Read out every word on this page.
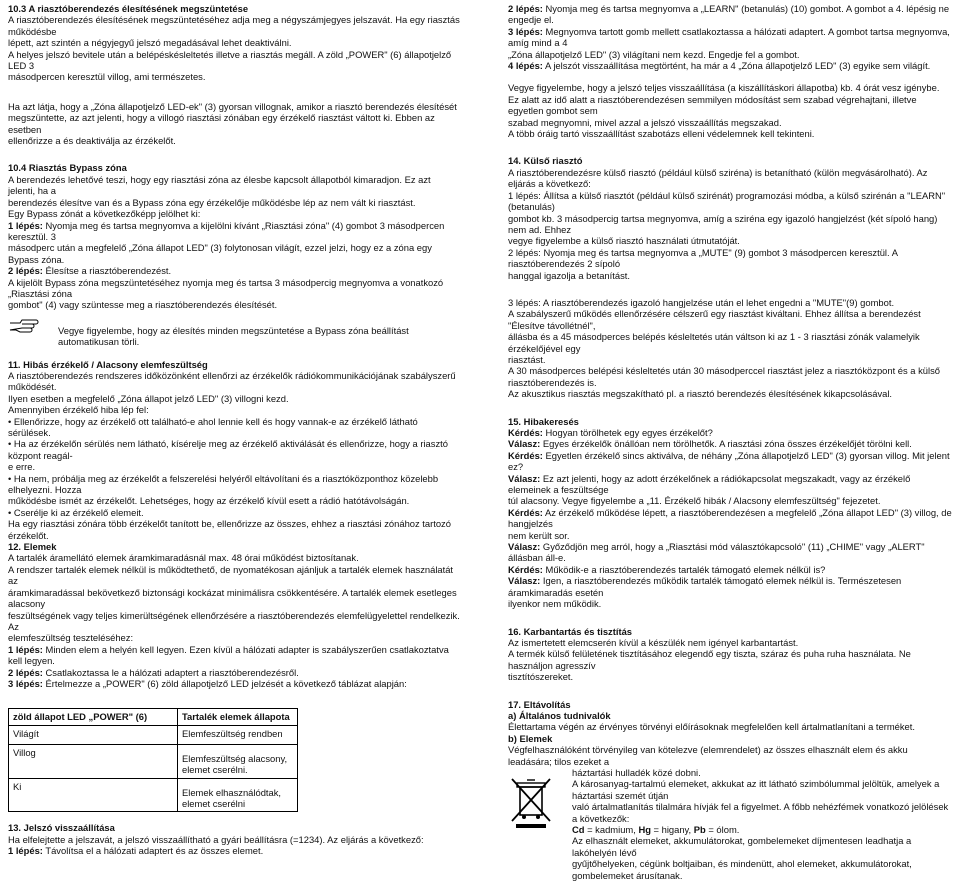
10.3 A riasztóberendezés élesítésének megszüntetése

A riasztóberendezés élesítésének megszüntetéséhez adja meg a négyszámjegyes jelszavát. Ha egy riasztás működésbe

lépett, azt szintén a négyjegyű jelszó megadásával lehet deaktiválni.

A helyes jelszó bevitele után a belépéskésleltetés illetve a riasztás megáll. A zöld „POWER" (6) állapotjelző LED 3

másodpercen keresztül villog, ami természetes.

Ha azt látja, hogy a „Zóna állapotjelző LED-ek" (3) gyorsan villognak, amikor a riasztó berendezés élesítését

megszüntette, az azt jelenti, hogy a villogó riasztási zónában egy érzékelő riasztást váltott ki. Ebben az esetben

ellenőrizze a és deaktiválja az érzékelőt.

10.4 Riasztás Bypass zóna

A berendezés lehetővé teszi, hogy egy riasztási zóna az élesbe kapcsolt állapotból kimaradjon. Ez azt jelenti, ha a

berendezés élesítve van és a Bypass zóna egy érzékelője működésbe lép az nem vált ki riasztást.

Egy Bypass zónát a következőképp jelölhet ki:

1 lépés: Nyomja meg és tartsa megnyomva a kijelölni kívánt „Riasztási zóna" (4) gombot 3 másodpercen keresztül. 3

másodperc után a megfelelő „Zóna állapot LED" (3) folytonosan világít, ezzel jelzi, hogy ez a zóna egy Bypass zóna.

2 lépés: Élesítse a riasztóberendezést.

A kijelölt Bypass zóna megszüntetéséhez nyomja meg és tartsa 3 másodpercig megnyomva a vonatkozó „Riasztási zóna

gombot" (4) vagy szüntesse meg a riasztóberendezés élesítését.

Vegye figyelembe, hogy az élesítés minden megszüntetése a Bypass zóna beállítást automatikusan törli.

11. Hibás érzékelő / Alacsony elemfeszültség

A riasztóberendezés rendszeres időközönként ellenőrzi az érzékelők rádiókommunikációjának szabályszerű működését.

Ilyen esetben a megfelelő „Zóna állapot jelző LED" (3) villogni kezd.

Amennyiben érzékelő hiba lép fel:

• Ellenőrizze, hogy az érzékelő ott található-e ahol lennie kell és hogy vannak-e az érzékelő látható sérülések.

• Ha az érzékelőn sérülés nem látható, kísérelje meg az érzékelő aktiválását és ellenőrizze, hogy a riasztó központ reagál-

e erre.

• Ha nem, próbálja meg az érzékelőt a felszerelési helyéről eltávolítani és a riasztóközponthoz közelebb elhelyezni. Hozza

működésbe ismét az érzékelőt. Lehetséges, hogy az érzékelő kívül esett a rádió hatótávolságán.

• Cserélje ki az érzékelő elemeit.

Ha egy riasztási zónára több érzékelőt tanított be, ellenőrizze az összes, ehhez a riasztási zónához tartozó érzékelőt.

12. Elemek

A tartalék áramellátó elemek áramkimaradásnál max. 48 órai működést biztosítanak.

A rendszer tartalék elemek nélkül is működtethető, de nyomatékosan ajánljuk a tartalék elemek használatát az

áramkimaradással bekövetkező biztonsági kockázat minimálisra csökkentésére. A tartalék elemek esetleges alacsony

feszültségének vagy teljes kimerültségének ellenőrzésére a riasztóberendezés elemfelügyelettel rendelkezik. Az

elemfeszültség teszteléséhez:

1 lépés: Minden elem a helyén kell legyen. Ezen kívül a hálózati adapter is szabályszerűen csatlakoztatva kell legyen.

2 lépés: Csatlakoztassa le a hálózati adaptert a riasztóberendezésről.

3 lépés: Értelmezze a „POWER" (6) zöld állapotjelző LED jelzését a következő táblázat alapján:

zöld állapot LED „POWER" (6)	Tartalék elemek állapota
Világít	Elemfeszültség rendben
Villog	Elemfeszültség alacsony, elemet cserélni.
Ki	Elemek elhasználódtak, elemet cserélni

13. Jelszó visszaállítása

Ha elfelejtette a jelszavát, a jelszó visszaállítható a gyári beállításra (=1234). Az eljárás a következő:

1 lépés: Távolítsa el a hálózati adaptert és az összes elemet.

2 lépés: Nyomja meg és tartsa megnyomva a „LEARN" (betanulás) (10) gombot. A gombot a 4. lépésig ne engedje el.

3 lépés: Megnyomva tartott gomb mellett csatlakoztassa a hálózati adaptert. A gombot tartsa megnyomva, amíg mind a 4

„Zóna állapotjelző LED" (3) világítani nem kezd. Engedje fel a gombot.

4 lépés: A jelszót visszaállítása megtörtént, ha már a 4 „Zóna állapotjelző LED" (3) egyike sem világít.

Vegye figyelembe, hogy a jelszó teljes visszaállítása (a kiszállításkori állapotba) kb. 4 órát vesz igénybe.

Ez alatt az idő alatt a riasztóberendezésen semmilyen módosítást sem szabad végrehajtani, illetve egyetlen gombot sem

szabad megnyomni, mivel azzal a jelszó visszaállítás megszakad.

A több óráig tartó visszaállítást szabotázs elleni védelemnek kell tekinteni.

14. Külső riasztó

A riasztóberendezésre külső riasztó (például külső sziréna) is betanítható (külön megvásárolható). Az eljárás a következő:

1 lépés: Állítsa a külső riasztót (például külső szirénát) programozási módba, a külső szirénán a "LEARN" (betanulás)

gombot kb. 3 másodpercig tartsa megnyomva, amíg a sziréna egy igazoló hangjelzést (két sípoló hang) nem ad. Ehhez

vegye figyelembe a külső riasztó használati útmutatóját.

2 lépés: Nyomja meg és tartsa megnyomva a „MUTE" (9) gombot 3 másodpercen keresztül. A riasztóberendezés 2 sípoló

hanggal igazolja a betanítást.

3 lépés: A riasztóberendezés igazoló hangjelzése után el lehet engedni a "MUTE"(9) gombot.

A szabályszerű működés ellenőrzésére célszerű egy riasztást kiváltani. Ehhez állítsa a berendezést "Élesítve távollétnél",

állásba és a 45 másodperces belépés késleltetés után váltson ki az 1 - 3 riasztási zónák valamelyik érzékelőjével egy

riasztást.

A 30 másodperces belépési késleltetés után 30 másodperccel riasztást jelez a riasztóközpont és a külső riasztóberendezés is.

Az akusztikus riasztás megszakítható pl. a riasztó berendezés élesítésének kikapcsolásával.

15. Hibakeresés

Kérdés: Hogyan törölhetek egy egyes érzékelőt?

Válasz: Egyes érzékelők önállóan nem törölhetők. A riasztási zóna összes érzékelőjét törölni kell.

Kérdés: Egyetlen érzékelő sincs aktiválva, de néhány „Zóna állapotjelző LED" (3) gyorsan villog. Mit jelent ez?

Válasz: Ez azt jelenti, hogy az adott érzékelőnek a rádiókapcsolat megszakadt, vagy az érzékelő elemeinek a feszültsége

túl alacsony. Vegye figyelembe a „11. Érzékelő hibák / Alacsony elemfeszültség" fejezetet.

Kérdés: Az érzékelő működése lépett, a riasztóberendezésen a megfelelő „Zóna állapot LED" (3) villog, de hangjelzés

nem került sor.

Válasz: Győződjön meg arról, hogy a „Riasztási mód választókapcsoló" (11) „CHIME" vagy „ALERT" állásban áll-e.

Kérdés: Működik-e a riasztóberendezés tartalék támogató elemek nélkül is?

Válasz: Igen, a riasztóberendezés működik tartalék támogató elemek nélkül is. Természetesen áramkimaradás esetén

ilyenkor nem működik.

16. Karbantartás és tisztítás

Az ismertetett elemcserén kívül a készülék nem igényel karbantartást.

A termék külső felületének tisztításához elegendő egy tiszta, száraz és puha ruha használata. Ne használjon agresszív

tisztítószereket.

17. Eltávolítás

a) Általános tudnivalók

Élettartama végén az érvényes törvényi előírásoknak megfelelően kell ártalmatlanítani a terméket.

b) Elemek

Végfelhasználóként törvényileg van kötelezve (elemrendelet) az összes elhasznált elem és akku leadására; tilos ezeket a

háztartási hulladék közé dobni.

A károsanyag-tartalmú elemeket, akkukat az itt látható szimbólummal jelöltük, amelyek a háztartási szemét útján

való ártalmatlanítás tilalmára hívják fel a figyelmet. A főbb nehézfémek vonatkozó jelölések a következők:

Cd = kadmium, Hg = higany, Pb = ólom.

Az elhasznált elemeket, akkumulátorokat, gombelemeket díjmentesen leadhatja a lakóhelyén lévő

gyűjtőhelyeken, cégünk boltjaiban, és mindenütt, ahol elemeket, akkumulátorokat, gombelemeket árusítanak.
